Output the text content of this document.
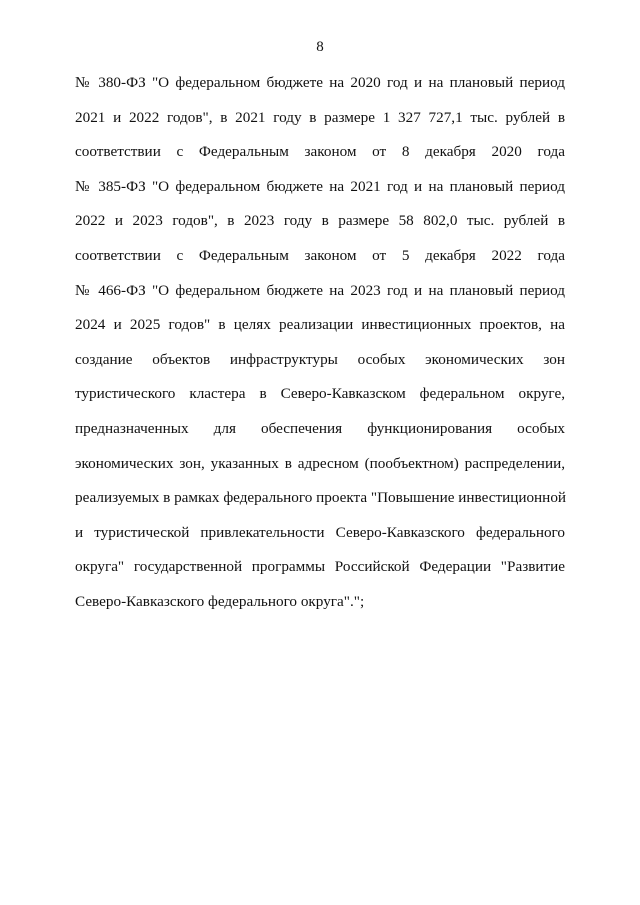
8
№ 380-ФЗ "О федеральном бюджете на 2020 год и на плановый период
2021 и 2022 годов", в 2021 году в размере 1 327 727,1 тыс. рублей в
соответствии с Федеральным законом от 8 декабря 2020 года
№ 385-ФЗ "О федеральном бюджете на 2021 год и на плановый период
2022 и 2023 годов", в 2023 году в размере 58 802,0 тыс. рублей в
соответствии с Федеральным законом от 5 декабря 2022 года
№ 466-ФЗ "О федеральном бюджете на 2023 год и на плановый период
2024 и 2025 годов" в целях реализации инвестиционных проектов, на
создание объектов инфраструктуры особых экономических зон
туристического кластера в Северо-Кавказском федеральном округе,
предназначенных для обеспечения функционирования особых
экономических зон, указанных в адресном (пообъектном) распределении,
реализуемых в рамках федерального проекта "Повышение инвестиционной
и туристической привлекательности Северо-Кавказского федерального
округа" государственной программы Российской Федерации "Развитие
Северо-Кавказского федерального округа".";
